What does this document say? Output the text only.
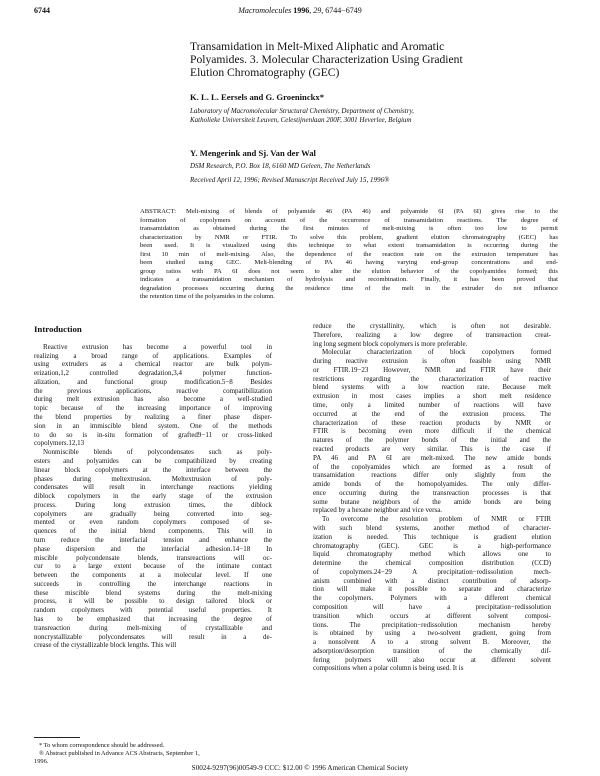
6744	Macromolecules 1996, 29, 6744−6749
Transamidation in Melt-Mixed Aliphatic and Aromatic
Polyamides. 3. Molecular Characterization Using Gradient
Elution Chromatography (GEC)
K. L. L. Eersels and G. Groeninckx*
Laboratory of Macromolecular Structural Chemistry, Department of Chemistry,
Katholieke Universiteit Leuven, Celestijnenlaan 200F, 3001 Heverlee, Belgium
Y. Mengerink and Sj. Van der Wal
DSM Research, P.O. Box 18, 6160 MD Geleen, The Netherlands
Received April 12, 1996; Revised Manuscript Received July 15, 1996®
ABSTRACT: Melt-mixing of blends of polyamide 46 (PA 46) and polyamide 6I (PA 6I) gives rise to the
formation of copolymers on account of the occurrence of transamidation reactions. The degree of
transamidation as obtained during the first minutes of melt-mixing is often too low to permit
characterization by NMR or FTIR. To solve this problem, gradient elution chromatography (GEC) has
been used. It is visualized using this technique to what extent transamidation is occurring during the
first 10 min of melt-mixing. Also, the dependence of the reaction rate on the extrusion temperature has
been studied using GEC. Melt-blending of PA 46 having varying end-group concentrations and end-
group ratios with PA 6I does not seem to alter the elution behavior of the copolyamides formed; this
indicates a transamidation mechanism of hydrolysis and recombination. Finally, it has been proved that
degradation processes occurring during the residence time of the melt in the extruder do not influence
the retention time of the polyamides in the column.
Introduction
Reactive extrusion has become a powerful tool in
realizing a broad range of applications. Examples of
using extruders as a chemical reactor are bulk polym-
erization,1,2 controlled degradation,3,4 polymer function-
alization, and functional group modification.5−8 Besides
the previous applications, reactive compatibilization
during melt extrusion has also become a well-studied
topic because of the increasing importance of improving
the blend properties by realizing a finer phase disper-
sion in an immiscible blend system. One of the methods
to do so is in-situ formation of grafted9−11 or cross-linked
copolymers.12,13
Nonmiscible blends of polycondensates such as poly-
esters and polyamides can be compatibilized by creating
linear block copolymers at the interface between the
phases during meltextrusion. Meltextrusion of poly-
condensates will result in interchange reactions yielding
diblock copolymers in the early stage of the extrusion
process. During long extrusion times, the diblock
copolymers are gradually being converted into seg-
mented or even random copolymers composed of se-
quences of the initial blend components. This will in
turn reduce the interfacial tension and enhance the
phase dispersion and the interfacial adhesion.14−18 In
miscible polycondensate blends, transreactions will oc-
cur to a large extent because of the intimate contact
between the components at a molecular level. If one
succeeds in controlling the interchange reactions in
these miscible blend systems during the melt-mixing
process, it will be possible to design tailored block or
random copolymers with potential useful properties. It
has to be emphasized that increasing the degree of
transreaction during melt-mixing of crystallizable and
noncrystallizable polycondensates will result in a de-
crease of the crystallizable block lengths. This will
reduce the crystallinity, which is often not desirable.
Therefore, realizing a low degree of transreaction creat-
ing long segment block copolymers is more preferable.
Molecular characterization of block copolymers formed
during reactive extrusion is often feasible using NMR
or FTIR.19−23 However, NMR and FTIR have their
restrictions regarding the characterization of reactive
blend systems with a low reaction rate. Because melt
extrusion in most cases implies a short melt residence
time, only a limited number of reactions will have
occurred at the end of the extrusion process. The
characterization of these reaction products by NMR or
FTIR is becoming even more difficult if the chemical
natures of the polymer bonds of the initial and the
reacted products are very similar. This is the case if
PA 46 and PA 6I are melt-mixed. The new amide bonds
of the copolyamides which are formed as a result of
transamidation reactions differ only slightly from the
amide bonds of the homopolyamides. The only differ-
ence occurring during the transreaction processes is that
some butane neighbors of the amide bonds are being
replaced by a hexane neighbor and vice versa.
To overcome the resolution problem of NMR or FTIR
with such blend systems, another method of character-
ization is needed. This technique is gradient elution
chromatography (GEC). GEC is a high-performance
liquid chromatography method which allows one to
determine the chemical composition distribution (CCD)
of copolymers.24−29 A precipitation−redissolution mech-
anism combined with a distinct contribution of adsorp-
tion will make it possible to separate and characterize
the copolymers. Polymers with a different chemical
composition will have a precipitation−redissolution
transition which occurs at different solvent composi-
tions. The precipitation−redissolution mechanism hereby
is obtained by using a two-solvent gradient, going from
a nonsolvent A to a strong solvent B. Moreover, the
adsorption/desorption transition of the chemically dif-
fering polymers will also occur at different solvent
compositions when a polar column is being used. It is
* To whom correspondence should be addressed.
® Abstract published in Advance ACS Abstracts, September 1,
1996.
S0024-9297(96)00549-9 CCC: $12.00 © 1996 American Chemical Society
